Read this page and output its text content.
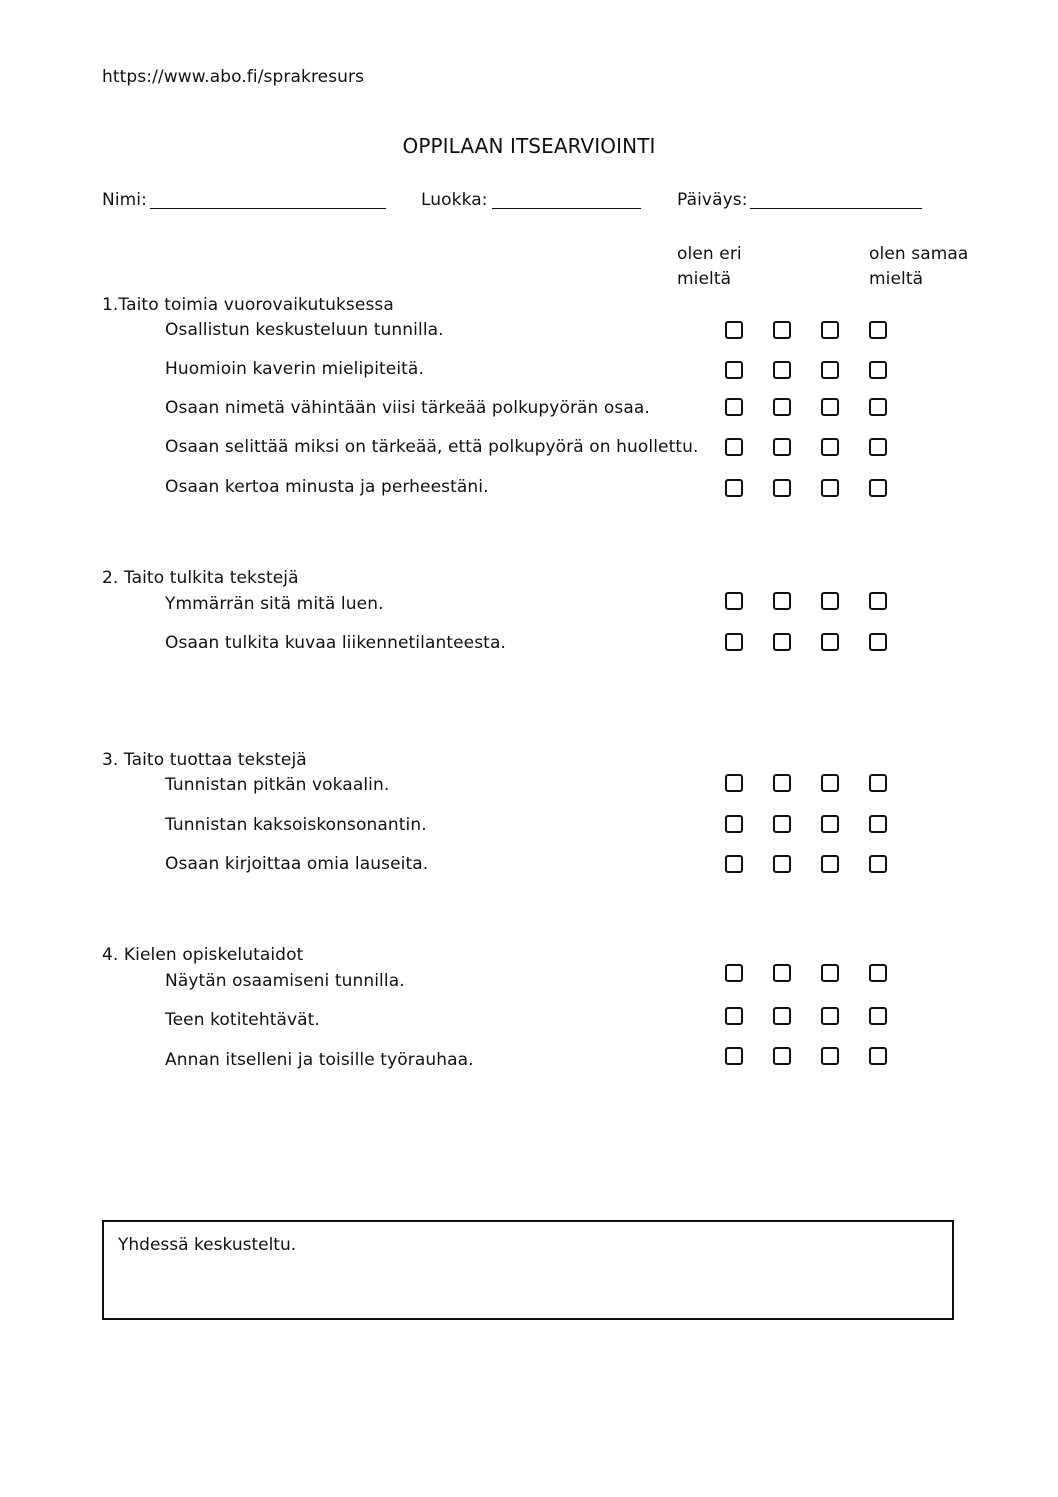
https://www.abo.fi/sprakresurs
OPPILAAN ITSEARVIOINTI
Nimi:	Luokka:	Päiväys:
olen eri
mieltä
olen samaa
mieltä
1.Taito toimia vuorovaikutuksessa
Osallistun keskusteluun tunnilla.
Huomioin kaverin mielipiteitä.
Osaan nimetä vähintään viisi tärkeää polkupyörän osaa.
Osaan selittää miksi on tärkeää, että polkupyörä on huollettu.
Osaan kertoa minusta ja perheestäni.
2. Taito tulkita tekstejä
Ymmärrän sitä mitä luen.
Osaan tulkita kuvaa liikennetilanteesta.
3. Taito tuottaa tekstejä
Tunnistan pitkän vokaalin.
Tunnistan kaksoiskonsonantin.
Osaan kirjoittaa omia lauseita.
4. Kielen opiskelutaidot
Näytän osaamiseni tunnilla.
Teen kotitehtävät.
Annan itselleni ja toisille työrauhaa.
Yhdessä keskusteltu.
